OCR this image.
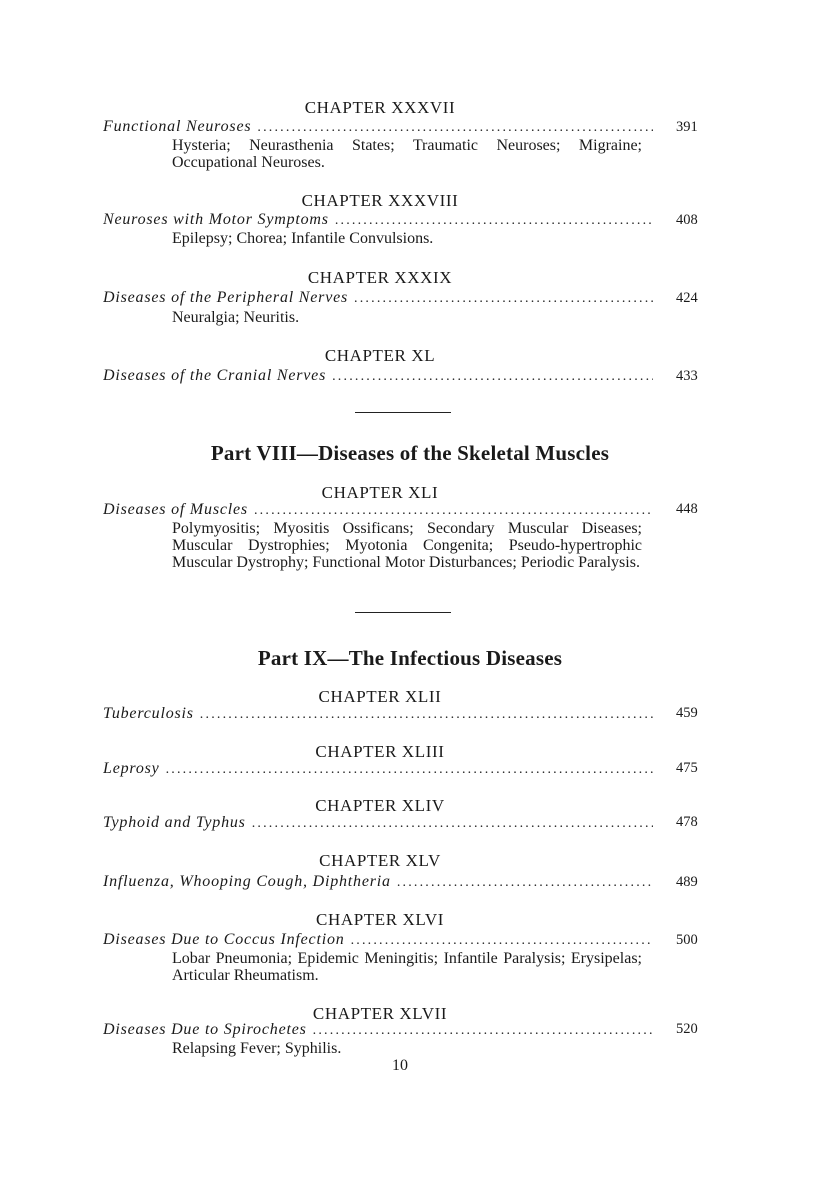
CHAPTER XXXVII
Functional Neuroses .....	391
Hysteria; Neurasthenia States; Traumatic Neuroses; Migraine; Occupational Neuroses.
CHAPTER XXXVIII
Neuroses with Motor Symptoms .....	408
Epilepsy; Chorea; Infantile Convulsions.
CHAPTER XXXIX
Diseases of the Peripheral Nerves .....	424
Neuralgia; Neuritis.
CHAPTER XL
Diseases of the Cranial Nerves .....	433
Part VIII—Diseases of the Skeletal Muscles
CHAPTER XLI
Diseases of Muscles .....	448
Polymyositis; Myositis Ossificans; Secondary Muscular Diseases; Muscular Dystrophies; Myotonia Congenita; Pseudo-hypertrophic Muscular Dystrophy; Functional Motor Disturbances; Periodic Paralysis.
Part IX—The Infectious Diseases
CHAPTER XLII
Tuberculosis .....	459
CHAPTER XLIII
Leprosy .....	475
CHAPTER XLIV
Typhoid and Typhus .....	478
CHAPTER XLV
Influenza, Whooping Cough, Diphtheria .....	489
CHAPTER XLVI
Diseases Due to Coccus Infection .....	500
Lobar Pneumonia; Epidemic Meningitis; Infantile Paralysis; Erysipelas; Articular Rheumatism.
CHAPTER XLVII
Diseases Due to Spirochetes .....	520
Relapsing Fever; Syphilis.
10
